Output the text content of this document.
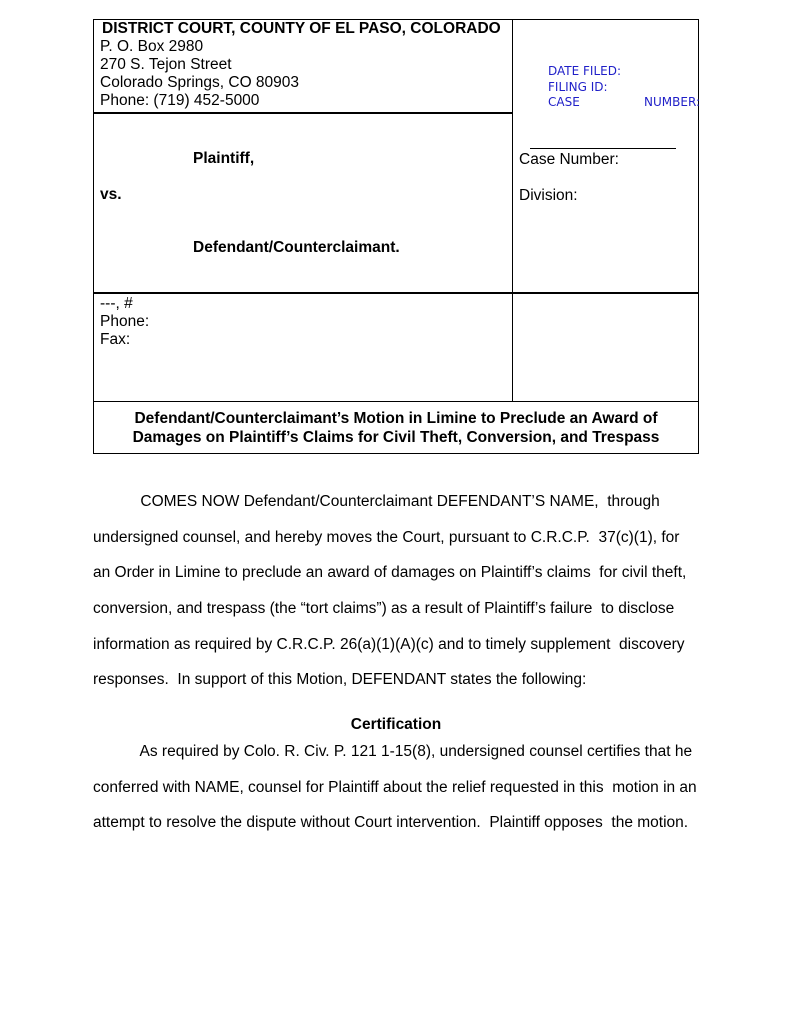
DISTRICT COURT, COUNTY OF EL PASO, COLORADO
P. O. Box 2980
270 S. Tejon Street
Colorado Springs, CO 80903
Phone: (719) 452-5000
DATE FILED:
FILING ID:
CASE	NUMBER:
Plaintiff,
vs.
Defendant/Counterclaimant.
Case Number:
Division:
---, #
Phone:
Fax:
Defendant/Counterclaimant’s Motion in Limine to Preclude an Award of
Damages on Plaintiff’s Claims for Civil Theft, Conversion, and Trespass
COMES NOW Defendant/Counterclaimant DEFENDANT’S NAME,  through
undersigned counsel, and hereby moves the Court, pursuant to C.R.C.P.  37(c)(1), for
an Order in Limine to preclude an award of damages on Plaintiff’s claims  for civil theft,
conversion, and trespass (the “tort claims”) as a result of Plaintiff’s failure  to disclose
information as required by C.R.C.P. 26(a)(1)(A)(c) and to timely supplement  discovery
responses.  In support of this Motion, DEFENDANT states the following:
As required by Colo. R. Civ. P. 121 1-15(8), undersigned counsel certifies that he
conferred with NAME, counsel for Plaintiff about the relief requested in this  motion in an
attempt to resolve the dispute without Court intervention.  Plaintiff opposes  the motion.
Certification
